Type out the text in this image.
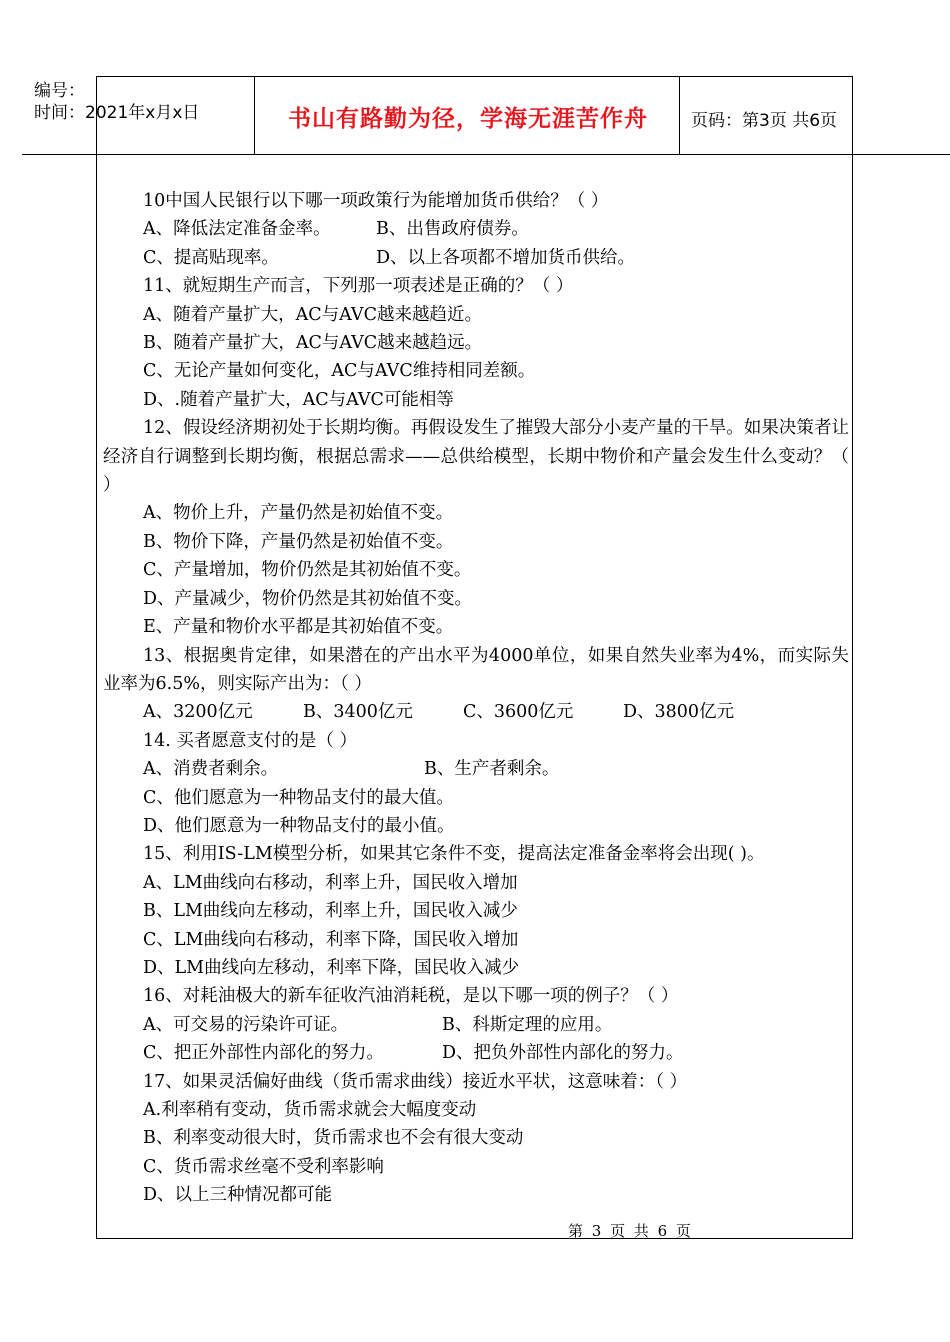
编号：
时间：2021年x月x日	书山有路勤为径，学海无涯苦作舟	页码：第3页 共6页
10中国人民银行以下哪一项政策行为能增加货币供给？（ ）
A、降低法定准备金率。	B、出售政府债券。
C、提高贴现率。	D、以上各项都不增加货币供给。
11、就短期生产而言，下列那一项表述是正确的？（ ）
A、随着产量扩大，AC与AVC越来越趋近。
B、随着产量扩大，AC与AVC越来越趋远。
C、无论产量如何变化，AC与AVC维持相同差额。
D、.随着产量扩大，AC与AVC可能相等
12、假设经济期初处于长期均衡。再假设发生了摧毁大部分小麦产量的干旱。如果决策者让经济自行调整到长期均衡，根据总需求——总供给模型，长期中物价和产量会发生什么变动？（ ）
A、物价上升，产量仍然是初始值不变。
B、物价下降，产量仍然是初始值不变。
C、产量增加，物价仍然是其初始值不变。
D、产量减少，物价仍然是其初始值不变。
E、产量和物价水平都是其初始值不变。
13、根据奥肯定律，如果潜在的产出水平为4000单位，如果自然失业率为4%，而实际失业率为6.5%，则实际产出为：（ ）
A、3200亿元	B、3400亿元	C、3600亿元	D、3800亿元
14. 买者愿意支付的是（ ）
A、消费者剩余。	B、生产者剩余。
C、他们愿意为一种物品支付的最大值。
D、他们愿意为一种物品支付的最小值。
15、利用IS-LM模型分析，如果其它条件不变，提高法定准备金率将会出现( )。
A、LM曲线向右移动，利率上升，国民收入增加
B、LM曲线向左移动，利率上升，国民收入减少
C、LM曲线向右移动，利率下降，国民收入增加
D、LM曲线向左移动，利率下降，国民收入减少
16、对耗油极大的新车征收汽油消耗税，是以下哪一项的例子？（ ）
A、可交易的污染许可证。	B、科斯定理的应用。
C、把正外部性内部化的努力。	D、把负外部性内部化的努力。
17、如果灵活偏好曲线（货币需求曲线）接近水平状，这意味着：（ ）
A.利率稍有变动，货币需求就会大幅度变动
B、利率变动很大时，货币需求也不会有很大变动
C、货币需求丝毫不受利率影响
D、以上三种情况都可能
第 3 页 共 6 页
